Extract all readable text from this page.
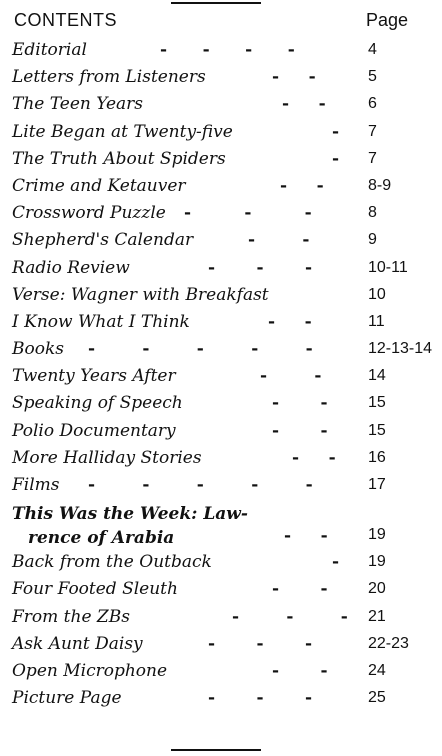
CONTENTS	Page
Editorial	-      -      -      -	4
Letters from Listeners	-     -	5
The Teen Years	-     -	6
Lite Began at Twenty-five	- 7
The Truth About Spiders	- 7
Crime and Ketauver	-     -	8-9
Crossword Puzzle -         -         -	8
Shepherd's Calendar	-        -	9
Radio Review	-       -       -	10-11
Verse: Wagner with Breakfast	10
I Know What I Think	-     -	11
Books -        -        -        -        -	12-13-14
Twenty Years After	-        -	14
Speaking of Speech	-       -	15
Polio Documentary	-       -	15
More Halliday Stories	-     - 16
Films -        -        -        -        -	17
This Was the Week: Law-
rence of Arabia	-     -	19
Back from the Outback	- 19
Four Footed Sleuth	-       -	20
From the ZBs	-        -        - 21
Ask Aunt Daisy	-       -       -	22-23
Open Microphone	-       -	24
Picture Page	-       -       -	25
